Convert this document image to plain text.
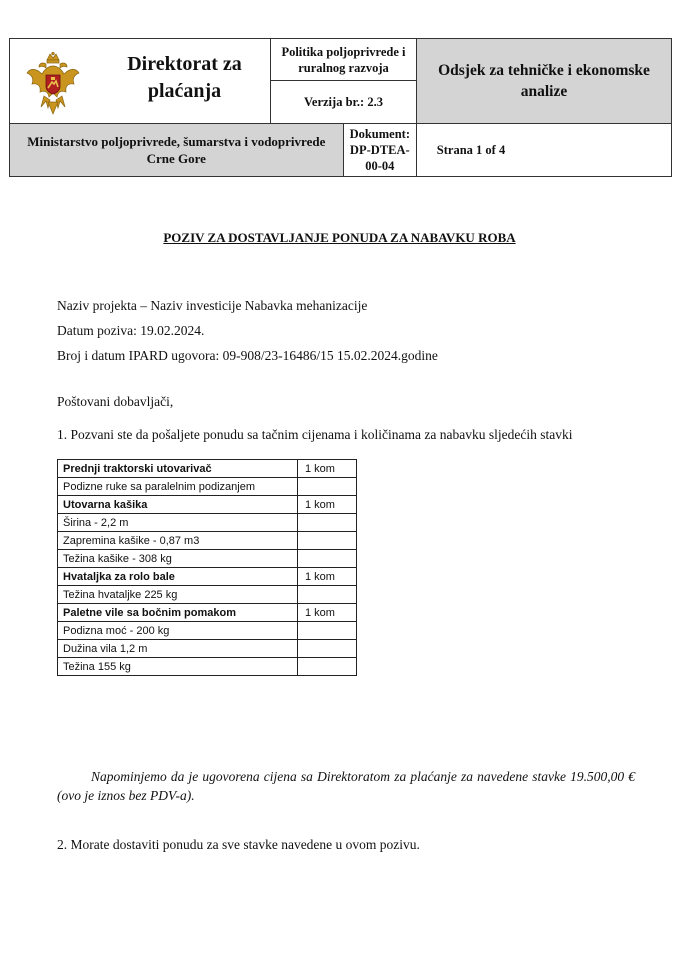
Direktorat za plaćanja	Politika poljoprivrede i ruralnog razvoja	Odsjek za tehničke i ekonomske analize
	Verzija br.: 2.3	

Ministarstvo poljoprivrede, šumarstva i vodoprivrede Crne Gore
Dokument: DP-DTEA-00-04		Strana 1 of 4
POZIV ZA DOSTAVLJANJE PONUDA ZA NABAVKU ROBA
Naziv projekta – Naziv investicije Nabavka mehanizacije
Datum poziva: 19.02.2024.
Broj i datum IPARD ugovora: 09-908/23-16486/15 15.02.2024.godine
Poštovani dobavljači,
1. Pozvani ste da pošaljete ponudu sa tačnim cijenama i količinama za nabavku sljedećih stavki
Prednji traktorski utovarivač	1 kom
Podizne ruke sa paralelnim podizanjem	
Utovarna kašika	1 kom
Širina - 2,2 m	
Zapremina kašike - 0,87 m3	
Težina kašike - 308 kg	
Hvataljka za rolo bale	1 kom
Težina hvataljke 225 kg	
Paletne vile sa bočnim pomakom	1 kom
Podizna moć - 200 kg	
Dužina vila 1,2 m	
Težina 155 kg	
Napominjemo da je ugovorena cijena sa Direktoratom za plaćanje za navedene stavke 19.500,00 € (ovo je iznos bez PDV-a).
2. Morate dostaviti ponudu za sve stavke navedene u ovom pozivu.
